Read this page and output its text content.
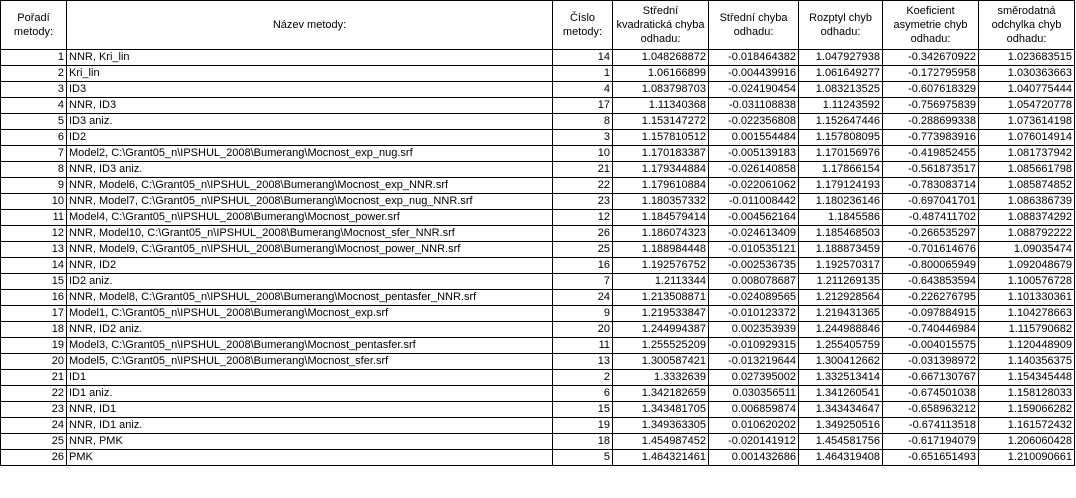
Pořadí metody:	Název metody:	Číslo metody:	Střední kvadratická chyba odhadu:	Střední chyba odhadu:	Rozptyl chyb odhadu:	Koeficient asymetrie chyb odhadu:	směrodatná odchylka chyb odhadu:
1	NNR, Kri_lin	14	1.048268872	-0.018464382	1.047927938	-0.342670922	1.023683515
2	Kri_lin	1	1.06166899	-0.004439916	1.061649277	-0.172795958	1.030363663
3	ID3	4	1.083798703	-0.024190454	1.083213525	-0.607618329	1.040775444
4	NNR, ID3	17	1.11340368	-0.031108838	1.11243592	-0.756975839	1.054720778
5	ID3 aniz.	8	1.153147272	-0.022356808	1.152647446	-0.288699338	1.073614198
6	ID2	3	1.157810512	0.001554484	1.157808095	-0.773983916	1.076014914
7	Model2, C:\Grant05_n\IPSHUL_2008\Bumerang\Mocnost_exp_nug.srf	10	1.170183387	-0.005139183	1.170156976	-0.419852455	1.081737942
8	NNR, ID3 aniz.	21	1.179344884	-0.026140858	1.17866154	-0.561873517	1.085661798
9	NNR, Model6, C:\Grant05_n\IPSHUL_2008\Bumerang\Mocnost_exp_NNR.srf	22	1.179610884	-0.022061062	1.179124193	-0.783083714	1.085874852
10	NNR, Model7, C:\Grant05_n\IPSHUL_2008\Bumerang\Mocnost_exp_nug_NNR.srf	23	1.180357332	-0.011008442	1.180236146	-0.697041701	1.086386739
11	Model4, C:\Grant05_n\IPSHUL_2008\Bumerang\Mocnost_power.srf	12	1.184579414	-0.004562164	1.1845586	-0.487411702	1.088374292
12	NNR, Model10, C:\Grant05_n\IPSHUL_2008\Bumerang\Mocnost_sfer_NNR.srf	26	1.186074323	-0.024613409	1.185468503	-0.266535297	1.088792222
13	NNR, Model9, C:\Grant05_n\IPSHUL_2008\Bumerang\Mocnost_power_NNR.srf	25	1.188984448	-0.010535121	1.188873459	-0.701614676	1.09035474
14	NNR, ID2	16	1.192576752	-0.002536735	1.192570317	-0.800065949	1.092048679
15	ID2 aniz.	7	1.2113344	0.008078687	1.211269135	-0.643853594	1.100576728
16	NNR, Model8, C:\Grant05_n\IPSHUL_2008\Bumerang\Mocnost_pentasfer_NNR.srf	24	1.213508871	-0.024089565	1.212928564	-0.226276795	1.101330361
17	Model1, C:\Grant05_n\IPSHUL_2008\Bumerang\Mocnost_exp.srf	9	1.219533847	-0.010123372	1.219431365	-0.097884915	1.104278663
18	NNR, ID2 aniz.	20	1.244994387	0.002353939	1.244988846	-0.740446984	1.115790682
19	Model3, C:\Grant05_n\IPSHUL_2008\Bumerang\Mocnost_pentasfer.srf	11	1.255525209	-0.010929315	1.255405759	-0.004015575	1.120448909
20	Model5, C:\Grant05_n\IPSHUL_2008\Bumerang\Mocnost_sfer.srf	13	1.300587421	-0.013219644	1.300412662	-0.031398972	1.140356375
21	ID1	2	1.3332639	0.027395002	1.332513414	-0.667130767	1.154345448
22	ID1 aniz.	6	1.342182659	0.030356511	1.341260541	-0.674501038	1.158128033
23	NNR, ID1	15	1.343481705	0.006859874	1.343434647	-0.658963212	1.159066282
24	NNR, ID1 aniz.	19	1.349363305	0.010620202	1.349250516	-0.674113518	1.161572432
25	NNR, PMK	18	1.454987452	-0.020141912	1.454581756	-0.617194079	1.206060428
26	PMK	5	1.464321461	0.001432686	1.464319408	-0.651651493	1.210090661
